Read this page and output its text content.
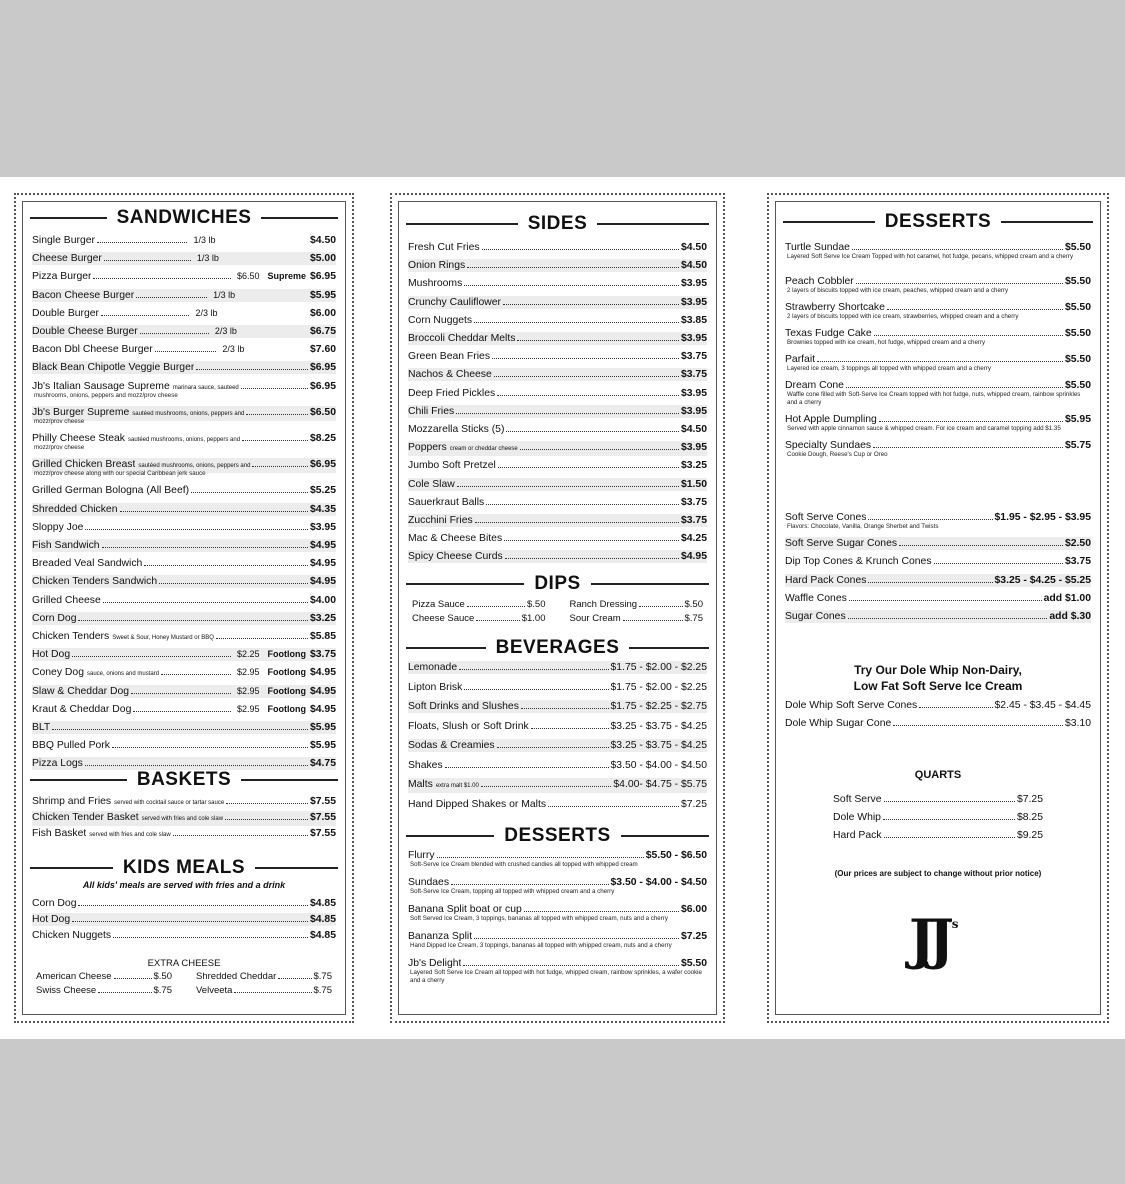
SANDWICHES
Single Burger	1/3 lb	$4.50
Cheese Burger	1/3 lb	$5.00
Pizza Burger	$6.50 Supreme $6.95
Bacon Cheese Burger	1/3 lb	$5.95
Double Burger	2/3 lb	$6.00
Double Cheese Burger	2/3 lb	$6.75
Bacon Dbl Cheese Burger	2/3 lb	$7.60
Black Bean Chipotle Veggie Burger	$6.95
Jb's Italian Sausage Supreme marinara sauce, sauteed	$6.95
mushrooms, onions, peppers and mozz/prov cheese
Jb's Burger Supreme sautéed mushrooms, onions, peppers and	$6.50
mozz/prov cheese
Philly Cheese Steak sautéed mushrooms, onions, peppers and	$8.25
mozz/prov cheese
Grilled Chicken Breast sautéed mushrooms, onions, peppers and	$6.95
mozz/prov cheese along with our special Caribbean jerk sauce
Grilled German Bologna (All Beef)	$5.25
Shredded Chicken	$4.35
Sloppy Joe	$3.95
Fish Sandwich	$4.95
Breaded Veal Sandwich	$4.95
Chicken Tenders Sandwich	$4.95
Grilled Cheese	$4.00
Corn Dog	$3.25
Chicken Tenders Sweet & Sour, Honey Mustard or BBQ	$5.85
Hot Dog	$2.25 Footlong $3.75
Coney Dog sauce, onions and mustard	$2.95 Footlong $4.95
Slaw & Cheddar Dog	$2.95 Footlong $4.95
Kraut & Cheddar Dog	$2.95 Footlong $4.95
BLT	$5.95
BBQ Pulled Pork	$5.95
Pizza Logs	$4.75
BASKETS
Shrimp and Fries served with cocktail sauce or tartar sauce	$7.55
Chicken Tender Basket served with fries and cole slaw	$7.55
Fish Basket served with fries and cole slaw	$7.55
KIDS MEALS
All kids' meals are served with fries and a drink
Corn Dog	$4.85
Hot Dog	$4.85
Chicken Nuggets	$4.85
EXTRA CHEESE
American Cheese	$.50	Shredded Cheddar	$.75
Swiss Cheese	$.75	Velveeta	$.75
SIDES
Fresh Cut Fries	$4.50
Onion Rings	$4.50
Mushrooms	$3.95
Crunchy Cauliflower	$3.95
Corn Nuggets	$3.85
Broccoli Cheddar Melts	$3.95
Green Bean Fries	$3.75
Nachos & Cheese	$3.75
Deep Fried Pickles	$3.95
Chili Fries	$3.95
Mozzarella Sticks (5)	$4.50
Poppers cream or cheddar cheese	$3.95
Jumbo Soft Pretzel	$3.25
Cole Slaw	$1.50
Sauerkraut Balls	$3.75
Zucchini Fries	$3.75
Mac & Cheese Bites	$4.25
Spicy Cheese Curds	$4.95
DIPS
Pizza Sauce	$.50	Ranch Dressing	$.50
Cheese Sauce	$1.00	Sour Cream	$.75
BEVERAGES
Lemonade	$1.75 - $2.00 - $2.25
Lipton Brisk	$1.75 - $2.00 - $2.25
Soft Drinks and Slushes	$1.75 - $2.25 - $2.75
Floats, Slush or Soft Drink	$3.25 - $3.75 - $4.25
Sodas & Creamies	$3.25 - $3.75 - $4.25
Shakes	$3.50 - $4.00 - $4.50
Malts extra malt $1.00	$4.00- $4.75 - $5.75
Hand Dipped Shakes or Malts	$7.25
DESSERTS
Flurry	$5.50 - $6.50
Soft-Serve Ice Cream blended with crushed candies all topped with whipped cream
Sundaes	$3.50 - $4.00 - $4.50
Soft-Serve Ice Cream, topping all topped with whipped cream and a cherry
Banana Split boat or cup	$6.00
Soft Served Ice Cream, 3 toppings, bananas all topped with whipped cream, nuts and a cherry
Bananza Split	$7.25
Hand Dipped Ice Cream, 3 toppings, bananas all topped with whipped cream, nuts and a cherry
Jb's Delight	$5.50
Layered Soft Serve Ice Cream all topped with hot fudge, whipped cream, rainbow sprinkles, a wafer cookie and a cherry
DESSERTS
Turtle Sundae	$5.50
Layered Soft Serve Ice Cream Topped with hot caramel, hot fudge, pecans, whipped cream and a cherry
Peach Cobbler	$5.50
2 layers of biscuits topped with ice cream, peaches, whipped cream and a cherry
Strawberry Shortcake	$5.50
2 layers of biscuits topped with ice cream, strawberries, whipped cream and a cherry
Texas Fudge Cake	$5.50
Brownies topped with ice cream, hot fudge, whipped cream and a cherry
Parfait	$5.50
Layered ice cream, 3 toppings all topped with whipped cream and a cherry
Dream Cone	$5.50
Waffle cone filled with Soft-Serve Ice Cream topped with hot fudge, nuts, whipped cream, rainbow sprinkles and a cherry
Hot Apple Dumpling	$5.95
Served with apple cinnamon sauce & whipped cream. For ice cream and caramel topping add $1.35
Specialty Sundaes	$5.75
Cookie Dough, Reese's Cup or Oreo
Soft Serve Cones	$1.95 - $2.95 - $3.95
Flavors: Chocolate, Vanilla, Orange Sherbet and Twists
Soft Serve Sugar Cones	$2.50
Dip Top Cones & Krunch Cones	$3.75
Hard Pack Cones	$3.25 - $4.25 - $5.25
Waffle Cones	add $1.00
Sugar Cones	add $.30
Try Our Dole Whip Non-Dairy,
Low Fat Soft Serve Ice Cream
Dole Whip Soft Serve Cones	$2.45 - $3.45 - $4.45
Dole Whip Sugar Cone	$3.10
QUARTS
Soft Serve	$7.25
Dole Whip	$8.25
Hard Pack	$9.25
(Our prices are subject to change without prior notice)
$JJ^{'s}$
